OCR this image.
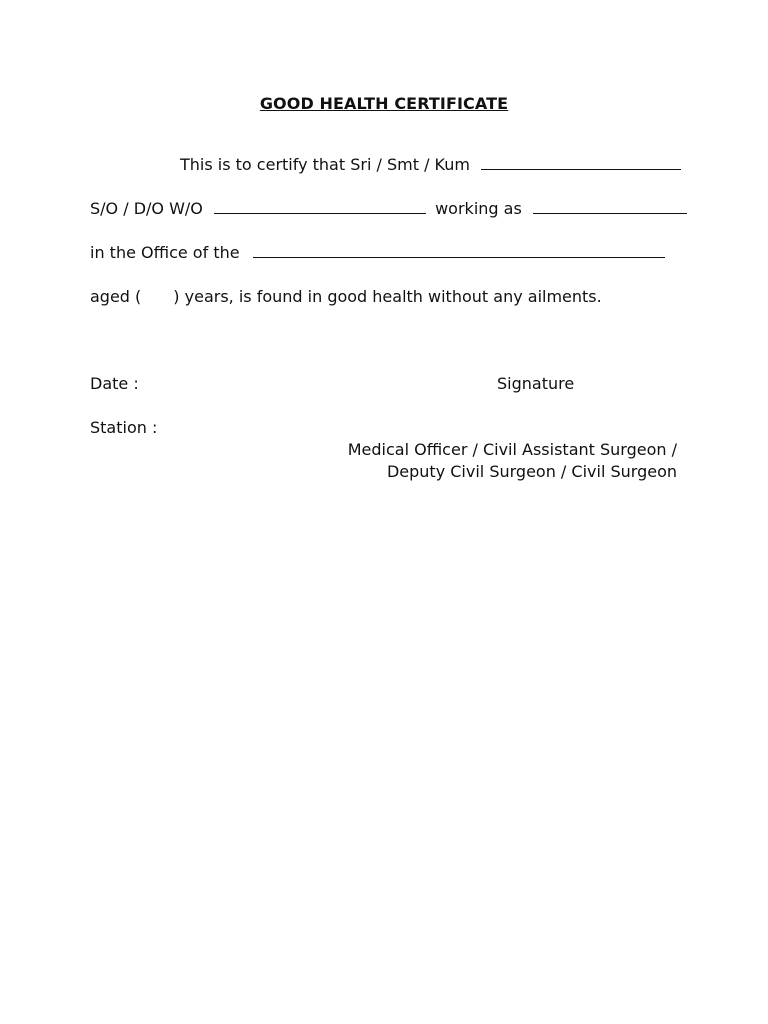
GOOD HEALTH CERTIFICATE
This is to certify that Sri / Smt / Kum
S/O / D/O W/O	working as
in the Office of the
aged ( ) years, is found in good health without any ailments.
Date :
Station :
Signature
Medical Officer / Civil Assistant Surgeon /
Deputy Civil Surgeon / Civil Surgeon
